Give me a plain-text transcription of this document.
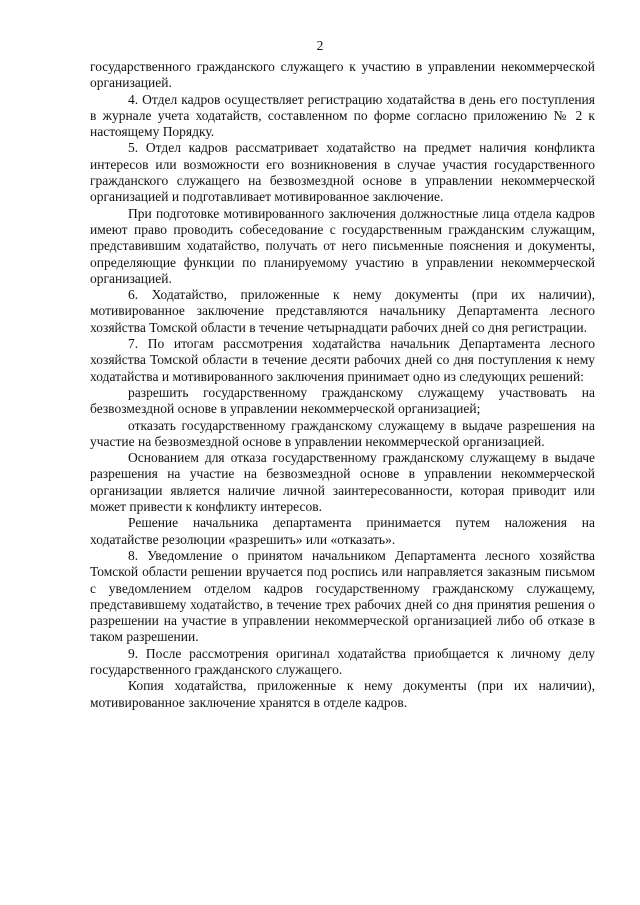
2

государственного гражданского служащего к участию в управлении некоммерческой организацией.

4. Отдел кадров осуществляет регистрацию ходатайства в день его поступления в журнале учета ходатайств, составленном по форме согласно приложению № 2 к настоящему Порядку.

5. Отдел кадров рассматривает ходатайство на предмет наличия конфликта интересов или возможности его возникновения в случае участия государственного гражданского служащего на безвозмездной основе в управлении некоммерческой организацией и подготавливает мотивированное заключение.

При подготовке мотивированного заключения должностные лица отдела кадров имеют право проводить собеседование с государственным гражданским служащим, представившим ходатайство, получать от него письменные пояснения и документы, определяющие функции по планируемому участию в управлении некоммерческой организацией.

6. Ходатайство, приложенные к нему документы (при их наличии), мотивированное заключение представляются начальнику Департамента лесного хозяйства Томской области в течение четырнадцати рабочих дней со дня регистрации.

7. По итогам рассмотрения ходатайства начальник Департамента лесного хозяйства Томской области в течение десяти рабочих дней со дня поступления к нему ходатайства и мотивированного заключения принимает одно из следующих решений:

разрешить государственному гражданскому служащему участвовать на безвозмездной основе в управлении некоммерческой организацией;

отказать государственному гражданскому служащему в выдаче разрешения на участие на безвозмездной основе в управлении некоммерческой организацией.

Основанием для отказа государственному гражданскому служащему в выдаче разрешения на участие на безвозмездной основе в управлении некоммерческой организации является наличие личной заинтересованности, которая приводит или может привести к конфликту интересов.

Решение начальника департамента принимается путем наложения на ходатайстве резолюции «разрешить» или «отказать».

8. Уведомление о принятом начальником Департамента лесного хозяйства Томской области решении вручается под роспись или направляется заказным письмом с уведомлением отделом кадров государственному гражданскому служащему, представившему ходатайство, в течение трех рабочих дней со дня принятия решения о разрешении на участие в управлении некоммерческой организацией либо об отказе в таком разрешении.

9. После рассмотрения оригинал ходатайства приобщается к личному делу государственного гражданского служащего.

Копия ходатайства, приложенные к нему документы (при их наличии), мотивированное заключение хранятся в отделе кадров.
